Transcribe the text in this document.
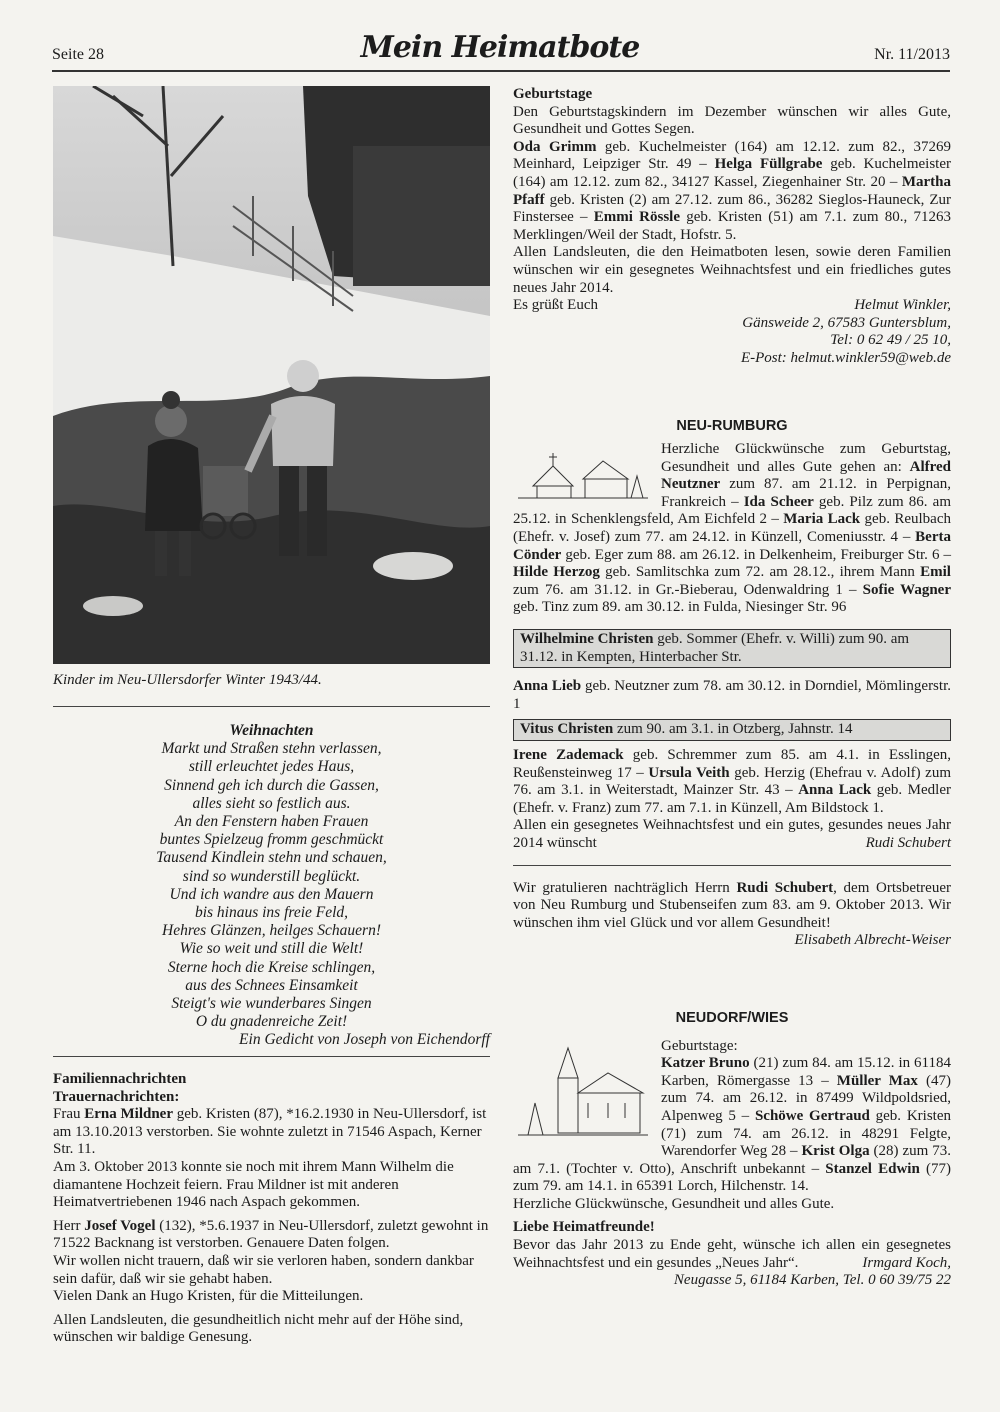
Seite 28	Mein Heimatbote	Nr. 11/2013
Kinder im Neu-Ullersdorfer Winter 1943/44.
Weihnachten
Markt und Straßen stehn verlassen,
still erleuchtet jedes Haus,
Sinnend geh ich durch die Gassen,
alles sieht so festlich aus.
An den Fenstern haben Frauen
buntes Spielzeug fromm geschmückt
Tausend Kindlein stehn und schauen,
sind so wunderstill beglückt.
Und ich wandre aus den Mauern
bis hinaus ins freie Feld,
Hehres Glänzen, heilges Schauern!
Wie so weit und still die Welt!
Sterne hoch die Kreise schlingen,
aus des Schnees Einsamkeit
Steigt's wie wunderbares Singen
O du gnadenreiche Zeit!
Ein Gedicht von Joseph von Eichendorff
Familiennachrichten
Trauernachrichten:
Frau Erna Mildner geb. Kristen (87), *16.2.1930 in Neu-Ullersdorf, ist am 13.10.2013 verstorben. Sie wohnte zuletzt in 71546 Aspach, Kerner Str. 11.
Am 3. Oktober 2013 konnte sie noch mit ihrem Mann Wilhelm die diamantene Hochzeit feiern. Frau Mildner ist mit anderen Heimatvertriebenen 1946 nach Aspach gekommen.
Herr Josef Vogel (132), *5.6.1937 in Neu-Ullersdorf, zuletzt gewohnt in 71522 Backnang ist verstorben. Genauere Daten folgen.
Wir wollen nicht trauern, daß wir sie verloren haben, sondern dankbar sein dafür, daß wir sie gehabt haben.
Vielen Dank an Hugo Kristen, für die Mitteilungen.
Allen Landsleuten, die gesundheitlich nicht mehr auf der Höhe sind, wünschen wir baldige Genesung.

Geburtstage

Den Geburtstagskindern im Dezember wünschen wir alles Gute, Gesundheit und Gottes Segen.

Oda Grimm geb. Kuchelmeister (164) am 12.12. zum 82., 37269 Meinhard, Leipziger Str. 49 – Helga Füllgrabe geb. Kuchelmeister (164) am 12.12. zum 82., 34127 Kassel, Ziegenhainer Str. 20 – Martha Pfaff geb. Kristen (2) am 27.12. zum 86., 36282 Sieglos-Hauneck, Zur Finstersee – Emmi Rössle geb. Kristen (51) am 7.1. zum 80., 71263 Merklingen/Weil der Stadt, Hofstr. 5.

Allen Landsleuten, die den Heimatboten lesen, sowie deren Familien wünschen wir ein gesegnetes Weihnachtsfest und ein friedliches gutes neues Jahr 2014.

Es grüßt Euch	Helmut Winkler,

Gänsweide 2, 67583 Guntersblum,

Tel: 0 62 49 / 25 10,

E-Post: helmut.winkler59@web.de

NEU-RUMBURG

Herzliche Glückwünsche zum Geburtstag, Gesundheit und alles Gute gehen an: Alfred Neutzner zum 87. am 21.12. in Perpignan, Frankreich – Ida Scheer geb. Pilz zum 86. am 25.12. in Schenklengsfeld, Am Eichfeld 2 – Maria Lack geb. Reulbach (Ehefr. v. Josef) zum 77. am 24.12. in Künzell, Comeniusstr. 4 – Berta Cönder geb. Eger zum 88. am 26.12. in Delkenheim, Freiburger Str. 6 – Hilde Herzog geb. Samlitschka zum 72. am 28.12., ihrem Mann Emil zum 76. am 31.12. in Gr.-Bieberau, Odenwaldring 1 – Sofie Wagner geb. Tinz zum 89. am 30.12. in Fulda, Niesinger Str. 96
Wilhelmine Christen geb. Sommer (Ehefr. v. Willi) zum 90. am 31.12. in Kempten, Hinterbacher Str.

Anna Lieb geb. Neutzner zum 78. am 30.12. in Dorndiel, Mömlingerstr. 1

Vitus Christen zum 90. am 3.1. in Otzberg, Jahnstr. 14

Irene Zademack geb. Schremmer zum 85. am 4.1. in Esslingen, Reußensteinweg 17 – Ursula Veith geb. Herzig (Ehefrau v. Adolf) zum 76. am 3.1. in Weiterstadt, Mainzer Str. 43 – Anna Lack geb. Medler (Ehefr. v. Franz) zum 77. am 7.1. in Künzell, Am Bildstock 1.

Allen ein gesegnetes Weihnachtsfest und ein gutes, gesundes neues Jahr 2014 wünscht	Rudi Schubert

Wir gratulieren nachträglich Herrn Rudi Schubert, dem Ortsbetreuer von Neu Rumburg und Stubenseifen zum 83. am 9. Oktober 2013. Wir wünschen ihm viel Glück und vor allem Gesundheit!

Elisabeth Albrecht-Weiser

NEUDORF/WIES

Geburtstage:
Katzer Bruno (21) zum 84. am 15.12. in 61184 Karben, Römergasse 13 – Müller Max (47) zum 74. am 26.12. in 87499 Wildpoldsried, Alpenweg 5 – Schöwe Gertraud geb. Kristen (71) zum 74. am 26.12. in 48291 Felgte, Warendorfer Weg 28 – Krist Olga (28) zum 73. am 7.1. (Tochter v. Otto), Anschrift unbekannt – Stanzel Edwin (77) zum 79. am 14.1. in 65391 Lorch, Hilchenstr. 14.

Herzliche Glückwünsche, Gesundheit und alles Gute.

Liebe Heimatfreunde!

Bevor das Jahr 2013 zu Ende geht, wünsche ich allen ein gesegnetes Weihnachtsfest und ein gesundes „Neues Jahr“.	Irmgard Koch,

Neugasse 5, 61184 Karben, Tel. 0 60 39/75 22
